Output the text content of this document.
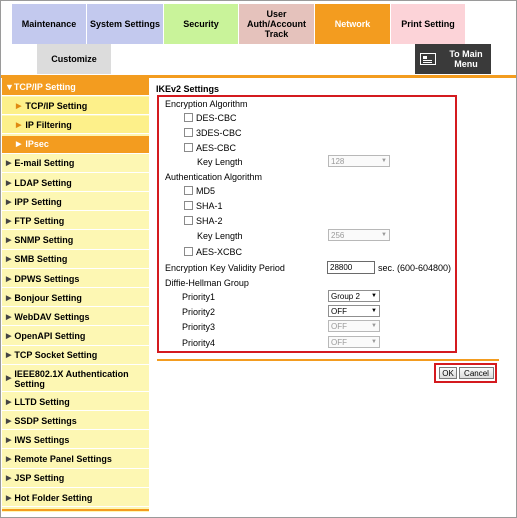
Maintenance System Settings	Security
User
Auth/Account
Track
Network	Print Setting
Customize	To Main
Menu
▼ TCP/IP Setting
▶ TCP/IP Setting
▶ IP Filtering
▶ IPsec
▶ E-mail Setting
▶ LDAP Setting
▶ IPP Setting
▶ FTP Setting
▶ SNMP Setting
▶ SMB Setting
▶ DPWS Settings
▶ Bonjour Setting
▶ WebDAV Settings
▶ OpenAPI Setting
▶ TCP Socket Setting
▶ IEEE802.1X Authentication
Setting
▶ LLTD Setting
▶ SSDP Settings
▶ IWS Settings
▶ Remote Panel Settings
▶ JSP Setting
▶ Hot Folder Setting
IKEv2 Settings
Encryption Algorithm
DES-CBC
3DES-CBC
AES-CBC
Key Length	128	▼
Authentication Algorithm
MD5
SHA-1
SHA-2
Key Length	256	▼
AES-XCBC
Encryption Key Validity Period	28800	sec. (600-604800)
Diffie-Hellman Group
Priority1	Group 2	▼
Priority2	OFF	▼
Priority3	OFF	▼
Priority4	OFF	▼
OK	Cancel
